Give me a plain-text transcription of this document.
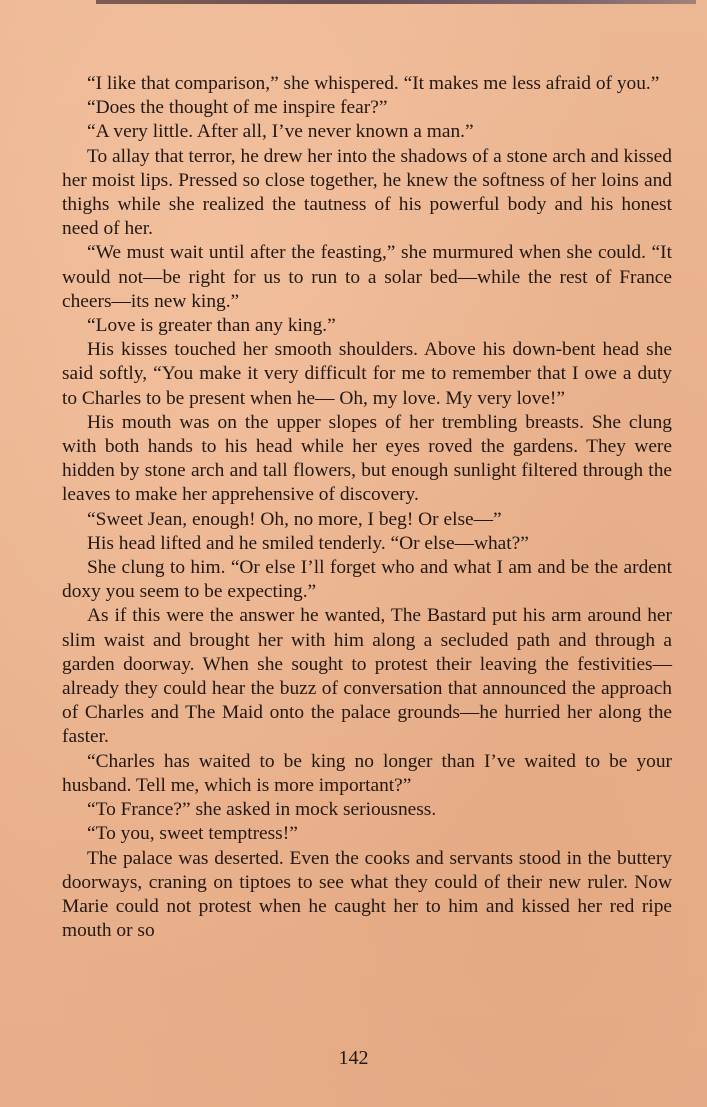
“I like that comparison,” she whispered. “It makes me less afraid of you.”

“Does the thought of me inspire fear?”

“A very little. After all, I’ve never known a man.”

To allay that terror, he drew her into the shadows of a stone arch and kissed her moist lips. Pressed so close together, he knew the softness of her loins and thighs while she realized the tautness of his powerful body and his honest need of her.

“We must wait until after the feasting,” she murmured when she could. “It would not—be right for us to run to a solar bed—while the rest of France cheers—its new king.”

“Love is greater than any king.”

His kisses touched her smooth shoulders. Above his down-bent head she said softly, “You make it very difficult for me to remember that I owe a duty to Charles to be present when he— Oh, my love. My very love!”

His mouth was on the upper slopes of her trembling breasts. She clung with both hands to his head while her eyes roved the gardens. They were hidden by stone arch and tall flowers, but enough sunlight filtered through the leaves to make her apprehensive of discovery.

“Sweet Jean, enough! Oh, no more, I beg! Or else—”

His head lifted and he smiled tenderly. “Or else—what?”

She clung to him. “Or else I’ll forget who and what I am and be the ardent doxy you seem to be expecting.”

As if this were the answer he wanted, The Bastard put his arm around her slim waist and brought her with him along a secluded path and through a garden doorway. When she sought to protest their leaving the festivities—already they could hear the buzz of conversation that announced the approach of Charles and The Maid onto the palace grounds—he hurried her along the faster.

“Charles has waited to be king no longer than I’ve waited to be your husband. Tell me, which is more important?”

“To France?” she asked in mock seriousness.

“To you, sweet temptress!”

The palace was deserted. Even the cooks and servants stood in the buttery doorways, craning on tiptoes to see what they could of their new ruler. Now Marie could not protest when he caught her to him and kissed her red ripe mouth or so

142
